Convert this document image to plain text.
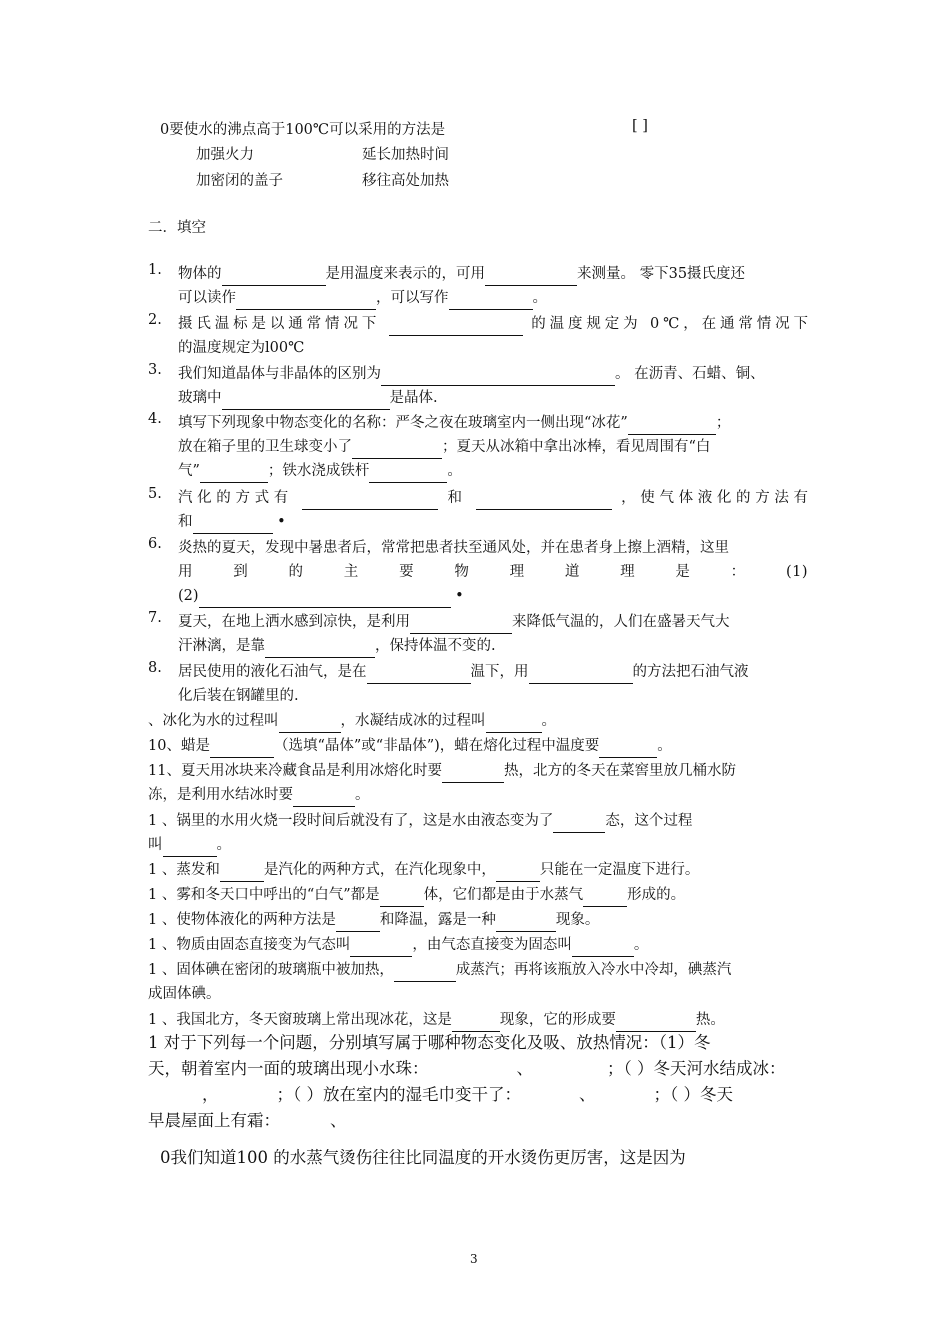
0要使水的沸点高于100℃可以采用的方法是	[ ]
加强火力	延长加热时间
加密闭的盖子	移往高处加热
二．填空
1. 物体的	是用温度来表示的，可用	来测量。 零下35摄氏度还
可以读作	，可以写作	。
2. 摄氏温标是以通常情况下	的温度规定为 0℃，在通常情况下
的温度规定为l00℃
3. 我们知道晶体与非晶体的区别为	。 在沥青、石蜡、铜、
玻璃中	是晶体.
4. 填写下列现象中物态变化的名称：严冬之夜在玻璃室内一侧出现“冰花”	；
放在箱子里的卫生球变小了	；夏天从冰箱中拿出冰棒，看见周围有“白
气”	；铁水浇成铁杆	。
5. 汽化的方式有	和	，使气体液化的方法有
和	•
6. 炎热的夏天，发现中暑患者后，常常把患者扶至通风处，并在患者身上擦上酒精，这里

用到的主要物理道理是：(1)
(2)	•
7. 夏天，在地上洒水感到凉快，是利用	来降低气温的，人们在盛暑天气大
汗淋漓，是靠	，保持体温不变的.
8. 居民使用的液化石油气，是在	温下，用	的方法把石油气液
化后装在钢罐里的.
、冰化为水的过程叫	，水凝结成冰的过程叫	。
10、蜡是	（选填“晶体”或“非晶体”)，蜡在熔化过程中温度要	。
11、夏天用冰块来冷藏食品是利用冰熔化时要	热，北方的冬天在菜窖里放几桶水防
冻，是利用水结冰时要	。
1 、锅里的水用火烧一段时间后就没有了，这是水由液态变为了	态，这个过程
叫	。
1 、蒸发和	是汽化的两种方式，在汽化现象中，	只能在一定温度下进行。
1 、雾和冬天口中呼出的“白气”都是	体，它们都是由于水蒸气	形成的。
1 、使物体液化的两种方法是	和降温，露是一种	现象。
1 、物质由固态直接变为气态叫	，由气态直接变为固态叫	。
1 、固体碘在密闭的玻璃瓶中被加热，	成蒸汽；再将该瓶放入冷水中冷却，碘蒸汽
成固体碘。
1 、我国北方，冬天窗玻璃上常出现冰花，这是	现象，它的形成要	热。
1 对于下列每一个问题，分别填写属于哪种物态变化及吸、放热情况：（1）冬
天，朝着室内一面的玻璃出现小水珠：	、	；（ ）冬天河水结成冰：
，	；（ ）放在室内的湿毛巾变干了：	、	；（ ）冬天
早晨屋面上有霜：	、
0我们知道100 的水蒸气烫伤往往比同温度的开水烫伤更厉害，这是因为
3
